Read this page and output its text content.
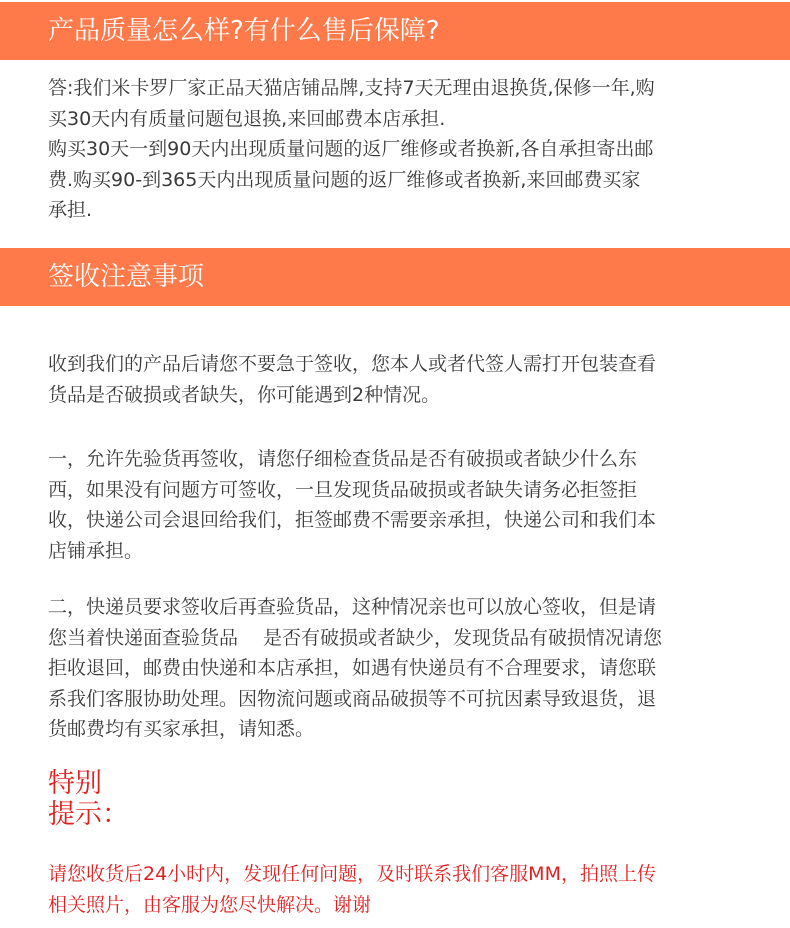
产品质量怎么样?有什么售后保障?
答:我们米卡罗厂家正品天猫店铺品牌,支持7天无理由退换货,保修一年,购
买30天内有质量问题包退换,来回邮费本店承担.
购买30天一到90天内出现质量问题的返厂维修或者换新,各自承担寄出邮
费.购买90-到365天内出现质量问题的返厂维修或者换新,来回邮费买家
承担.
签收注意事项
收到我们的产品后请您不要急于签收，您本人或者代签人需打开包装查看
货品是否破损或者缺失，你可能遇到2种情况。
一，允许先验货再签收，请您仔细检查货品是否有破损或者缺少什么东
西，如果没有问题方可签收，一旦发现货品破损或者缺失请务必拒签拒
收，快递公司会退回给我们，拒签邮费不需要亲承担，快递公司和我们本
店铺承担。
二，快递员要求签收后再查验货品，这种情况亲也可以放心签收，但是请
您当着快递面查验货品　 是否有破损或者缺少，发现货品有破损情况请您
拒收退回，邮费由快递和本店承担，如遇有快递员有不合理要求，请您联
系我们客服协助处理。因物流问题或商品破损等不可抗因素导致退货，退
货邮费均有买家承担，请知悉。
特别
提示：
请您收货后24小时内，发现任何问题，及时联系我们客服MM，拍照上传
相关照片，由客服为您尽快解决。谢谢
